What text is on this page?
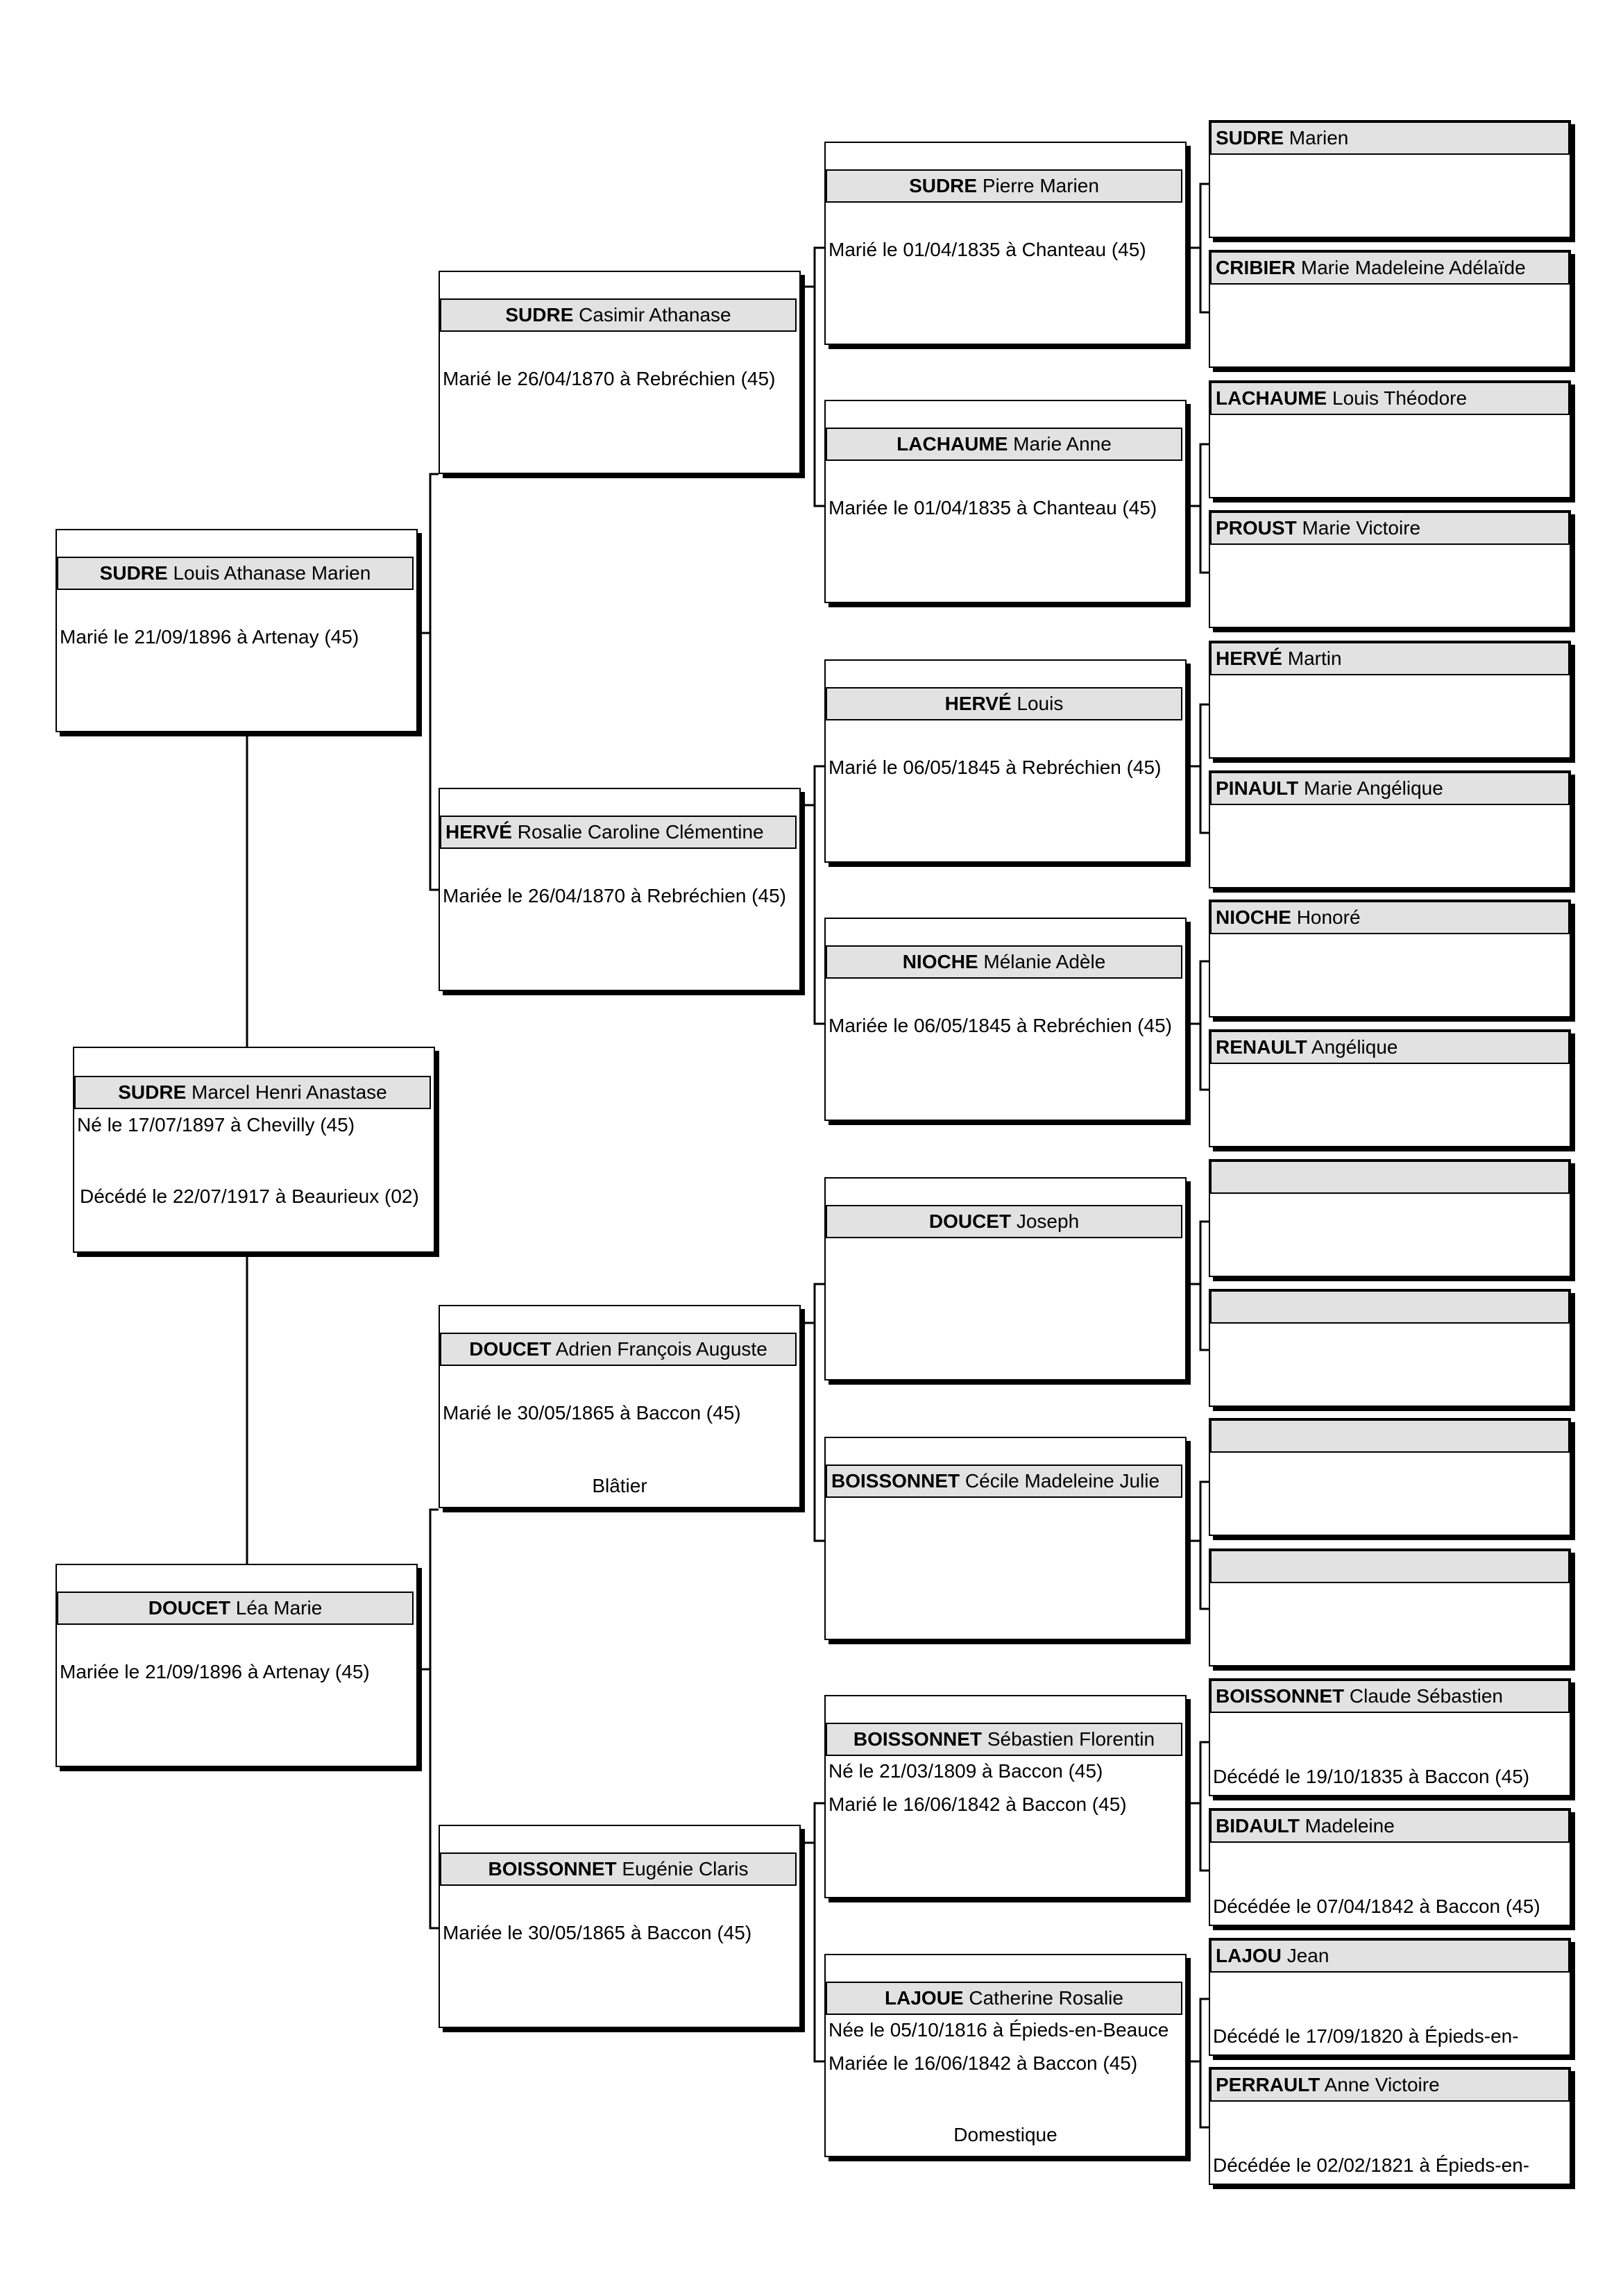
SUDRE Marcel Henri Anastase
Né le 17/07/1897 à Chevilly (45)
Décédé le 22/07/1917 à Beaurieux (02)
SUDRE Louis Athanase Marien
Marié le 21/09/1896 à Artenay (45)
DOUCET Léa Marie
Mariée le 21/09/1896 à Artenay (45)
SUDRE Casimir Athanase
Marié le 26/04/1870 à Rebréchien (45)
HERVÉ Rosalie Caroline Clémentine
Mariée le 26/04/1870 à Rebréchien (45)
DOUCET Adrien François Auguste
Marié le 30/05/1865 à Baccon (45)
Blâtier
BOISSONNET Eugénie Claris
Mariée le 30/05/1865 à Baccon (45)
SUDRE Pierre Marien
Marié le 01/04/1835 à Chanteau (45)
LACHAUME Marie Anne
Mariée le 01/04/1835 à Chanteau (45)
HERVÉ Louis
Marié le 06/05/1845 à Rebréchien (45)
NIOCHE Mélanie Adèle
Mariée le 06/05/1845 à Rebréchien (45)
DOUCET Joseph
BOISSONNET Cécile Madeleine Julie
BOISSONNET Sébastien Florentin
Né le 21/03/1809 à Baccon (45)
Marié le 16/06/1842 à Baccon (45)
LAJOUE Catherine Rosalie
Née le 05/10/1816 à Épieds-en-Beauce
Mariée le 16/06/1842 à Baccon (45)
Domestique
SUDRE Marien
CRIBIER Marie Madeleine Adélaïde
LACHAUME Louis Théodore
PROUST Marie Victoire
HERVÉ Martin
PINAULT Marie Angélique
NIOCHE Honoré
RENAULT Angélique
BOISSONNET Claude Sébastien
Décédé le 19/10/1835 à Baccon (45)
BIDAULT Madeleine
Décédée le 07/04/1842 à Baccon (45)
LAJOU Jean
Décédé le 17/09/1820 à Épieds-en-
PERRAULT Anne Victoire
Décédée le 02/02/1821 à Épieds-en-
